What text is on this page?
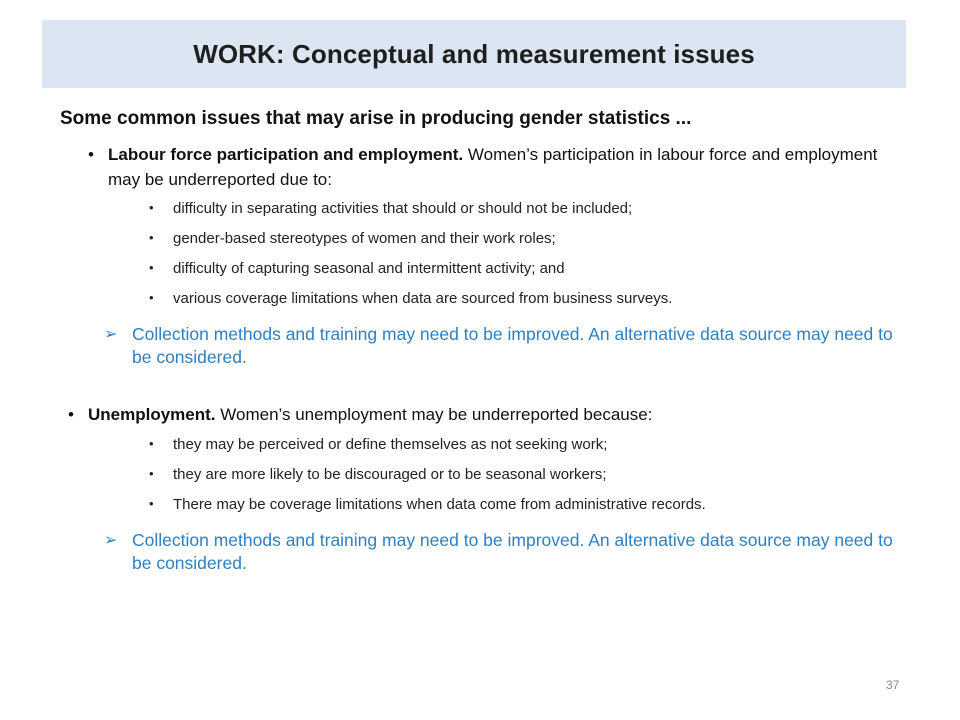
WORK: Conceptual and measurement issues

Some common issues that may arise in producing gender statistics ...

• Labour force participation and employment. Women’s participation in labour force and employment may be underreported due to:

• difficulty in separating activities that should or should not be included;

• gender-based stereotypes of women and their work roles;

• difficulty of capturing seasonal and intermittent activity; and

• various coverage limitations when data are sourced from business surveys.

➢ Collection methods and training may need to be improved. An alternative data source may need to be considered.

• Unemployment. Women’s unemployment may be underreported because:

• they may be perceived or define themselves as not seeking work;

• they are more likely to be discouraged or to be seasonal workers;

• There may be coverage limitations when data come from administrative records.

➢ Collection methods and training may need to be improved. An alternative data source may need to be considered.

37
